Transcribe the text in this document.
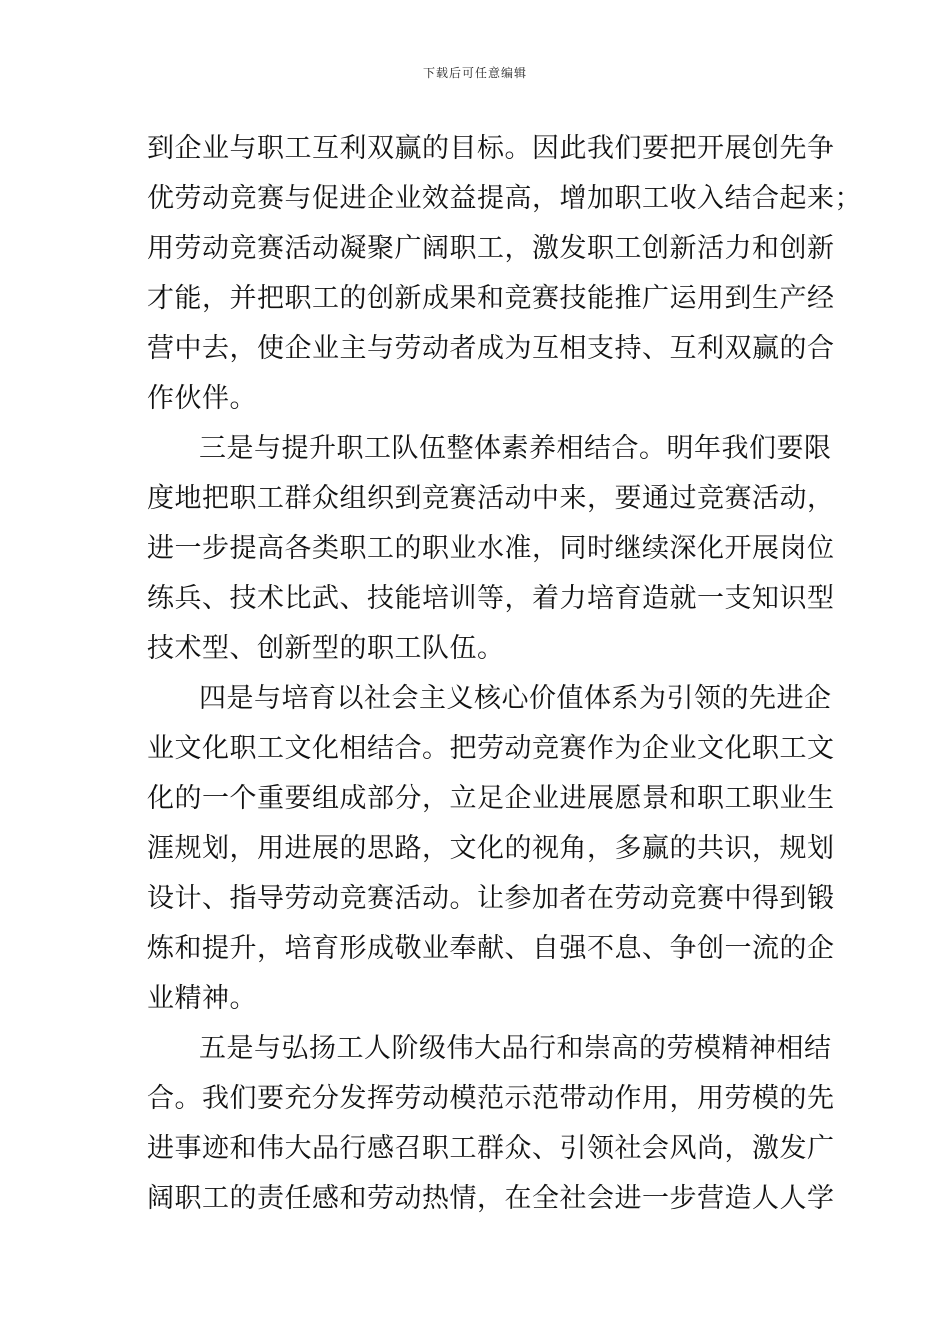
下载后可任意编辑
到企业与职工互利双赢的目标。因此我们要把开展创先争
优劳动竞赛与促进企业效益提高，增加职工收入结合起来；
用劳动竞赛活动凝聚广阔职工，激发职工创新活力和创新
才能，并把职工的创新成果和竞赛技能推广运用到生产经
营中去，使企业主与劳动者成为互相支持、互利双赢的合
作伙伴。
三是与提升职工队伍整体素养相结合。明年我们要限
度地把职工群众组织到竞赛活动中来，要通过竞赛活动，
进一步提高各类职工的职业水准，同时继续深化开展岗位
练兵、技术比武、技能培训等，着力培育造就一支知识型
技术型、创新型的职工队伍。
四是与培育以社会主义核心价值体系为引领的先进企
业文化职工文化相结合。把劳动竞赛作为企业文化职工文
化的一个重要组成部分，立足企业进展愿景和职工职业生
涯规划，用进展的思路，文化的视角，多赢的共识，规划
设计、指导劳动竞赛活动。让参加者在劳动竞赛中得到锻
炼和提升，培育形成敬业奉献、自强不息、争创一流的企
业精神。
五是与弘扬工人阶级伟大品行和崇高的劳模精神相结
合。我们要充分发挥劳动模范示范带动作用，用劳模的先
进事迹和伟大品行感召职工群众、引领社会风尚，激发广
阔职工的责任感和劳动热情，在全社会进一步营造人人学
